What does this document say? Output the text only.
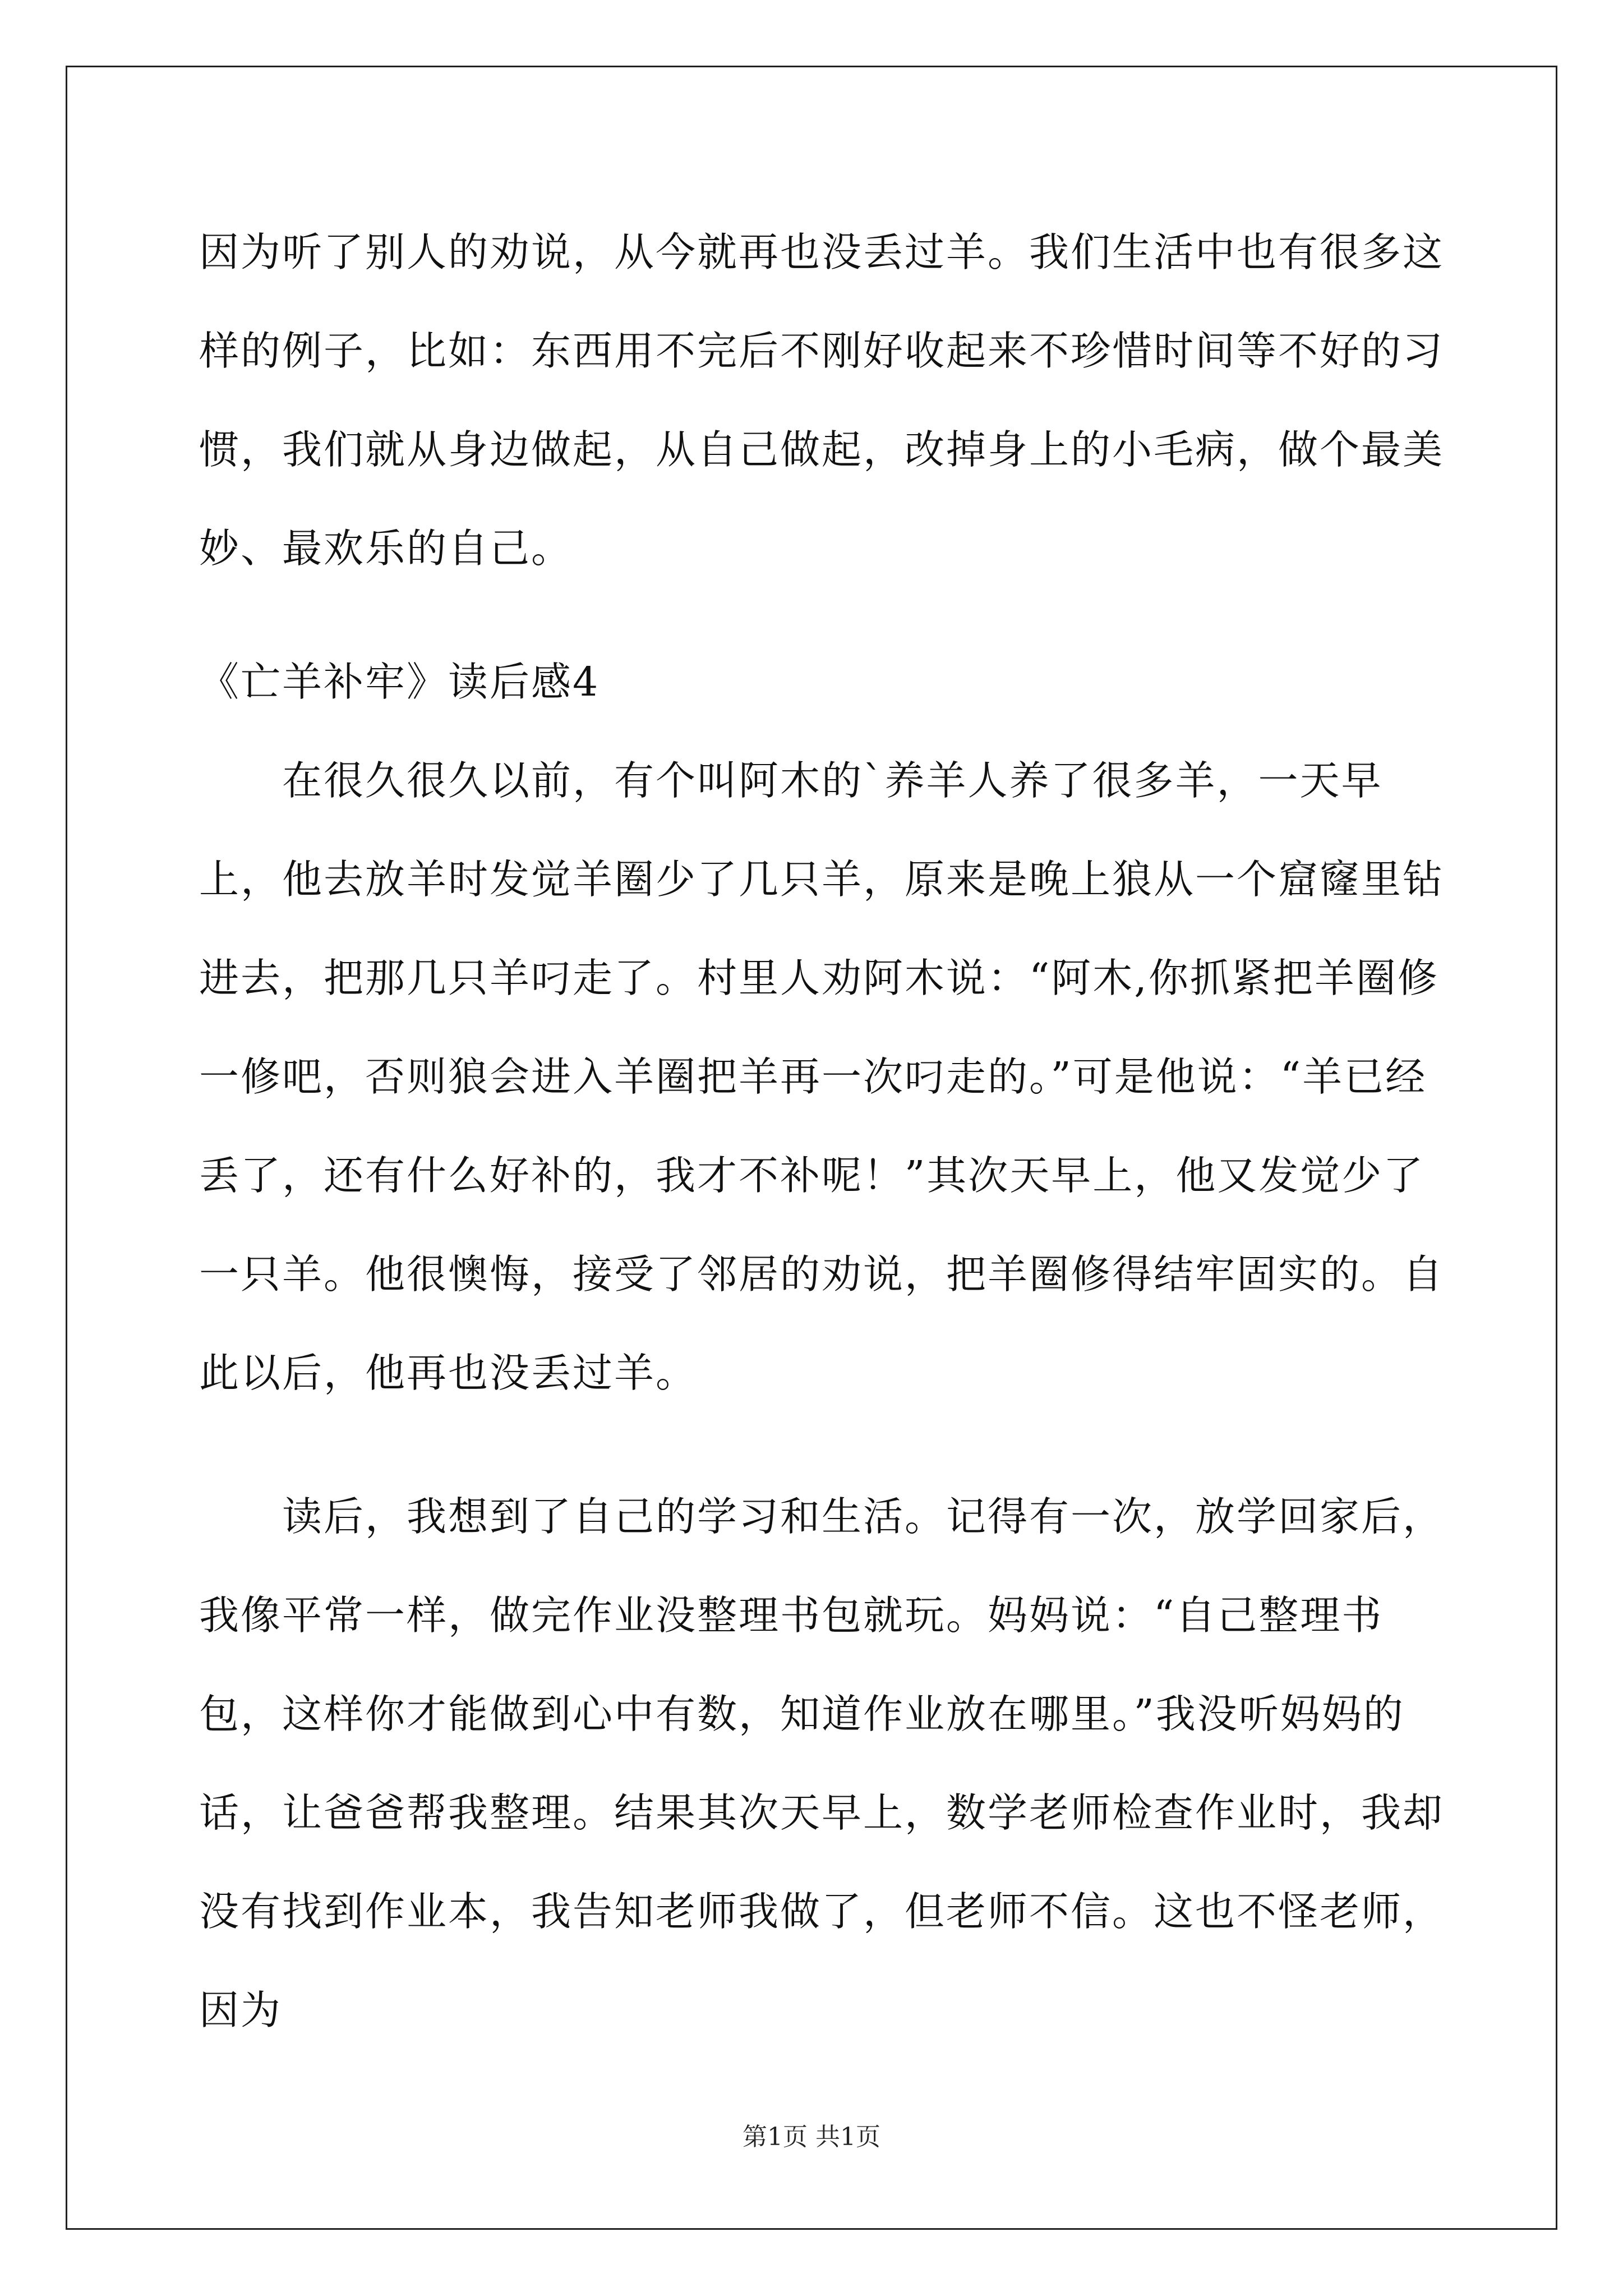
因为听了别人的劝说，从今就再也没丢过羊。我们生活中也有很多这样的例子，比如：东西用不完后不刚好收起来不珍惜时间等不好的习惯，我们就从身边做起，从自己做起，改掉身上的小毛病，做个最美妙、最欢乐的自己。

《亡羊补牢》读后感4

在很久很久以前，有个叫阿木的`养羊人养了很多羊，一天早上，他去放羊时发觉羊圈少了几只羊，原来是晚上狼从一个窟窿里钻进去，把那几只羊叼走了。村里人劝阿木说：“阿木,你抓紧把羊圈修一修吧，否则狼会进入羊圈把羊再一次叼走的。”可是他说：“羊已经丢了，还有什么好补的，我才不补呢！”其次天早上，他又发觉少了一只羊。他很懊悔，接受了邻居的劝说，把羊圈修得结牢固实的。自此以后，他再也没丢过羊。

读后，我想到了自己的学习和生活。记得有一次，放学回家后，我像平常一样，做完作业没整理书包就玩。妈妈说：“自己整理书包，这样你才能做到心中有数，知道作业放在哪里。”我没听妈妈的话，让爸爸帮我整理。结果其次天早上，数学老师检查作业时，我却没有找到作业本，我告知老师我做了，但老师不信。这也不怪老师，因为

第1页 共1页
